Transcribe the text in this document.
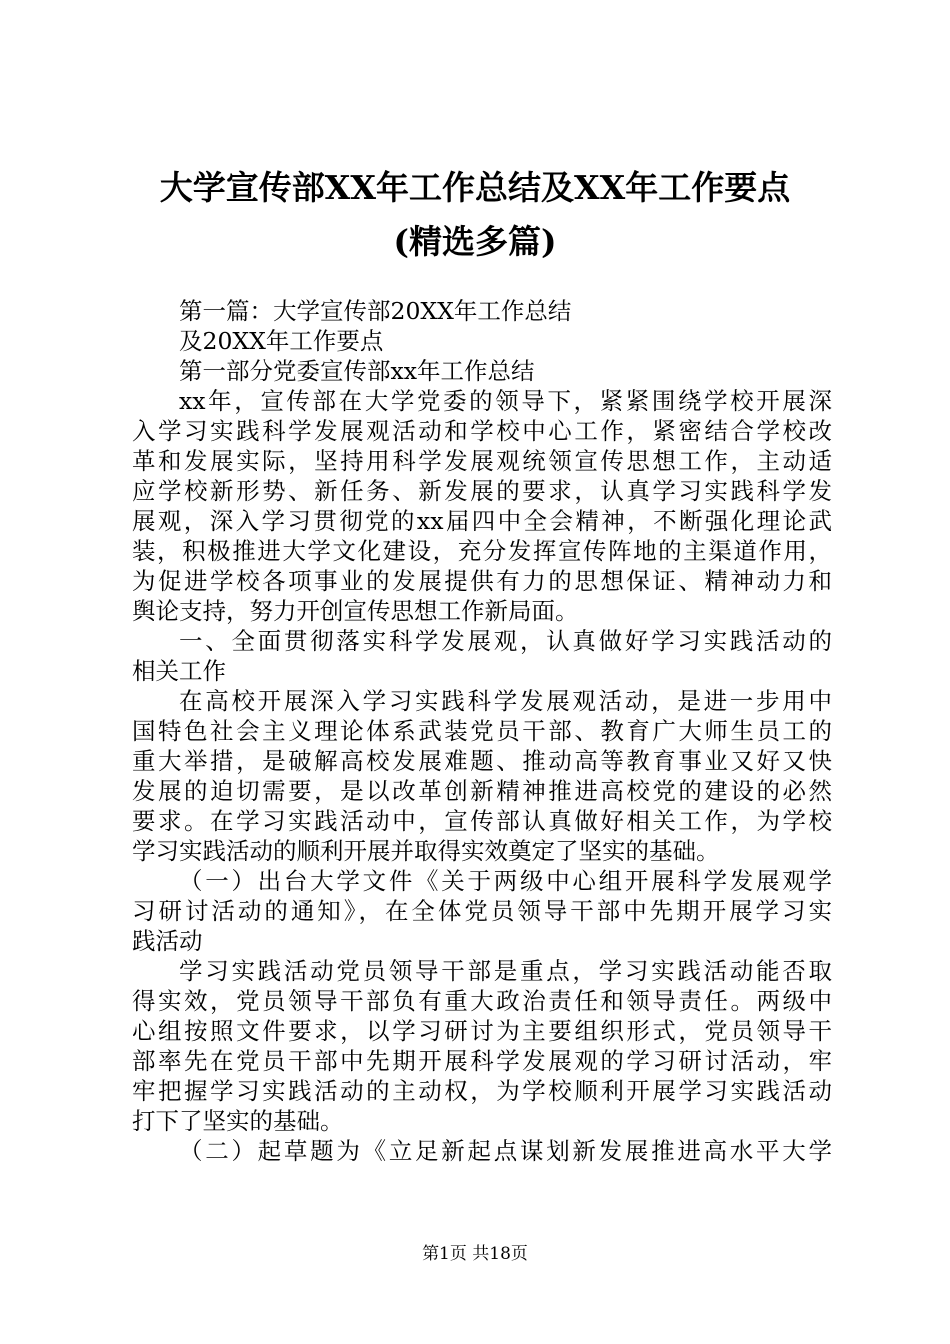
大学宣传部XX年工作总结及XX年工作要点
(精选多篇)
第一篇：大学宣传部20XX年工作总结
及20XX年工作要点
第一部分党委宣传部xx年工作总结
xx年，宣传部在大学党委的领导下，紧紧围绕学校开展深
入学习实践科学发展观活动和学校中心工作，紧密结合学校改
革和发展实际，坚持用科学发展观统领宣传思想工作，主动适
应学校新形势、新任务、新发展的要求，认真学习实践科学发
展观，深入学习贯彻党的xx届四中全会精神，不断强化理论武
装，积极推进大学文化建设，充分发挥宣传阵地的主渠道作用，
为促进学校各项事业的发展提供有力的思想保证、精神动力和
舆论支持，努力开创宣传思想工作新局面。
一、全面贯彻落实科学发展观，认真做好学习实践活动的
相关工作
在高校开展深入学习实践科学发展观活动，是进一步用中
国特色社会主义理论体系武装党员干部、教育广大师生员工的
重大举措，是破解高校发展难题、推动高等教育事业又好又快
发展的迫切需要，是以改革创新精神推进高校党的建设的必然
要求。在学习实践活动中，宣传部认真做好相关工作，为学校
学习实践活动的顺利开展并取得实效奠定了坚实的基础。
（一）出台大学文件《关于两级中心组开展科学发展观学
习研讨活动的通知》，在全体党员领导干部中先期开展学习实
践活动
学习实践活动党员领导干部是重点，学习实践活动能否取
得实效，党员领导干部负有重大政治责任和领导责任。两级中
心组按照文件要求，以学习研讨为主要组织形式，党员领导干
部率先在党员干部中先期开展科学发展观的学习研讨活动，牢
牢把握学习实践活动的主动权，为学校顺利开展学习实践活动
打下了坚实的基础。
（二）起草题为《立足新起点谋划新发展推进高水平大学
第1页 共18页
